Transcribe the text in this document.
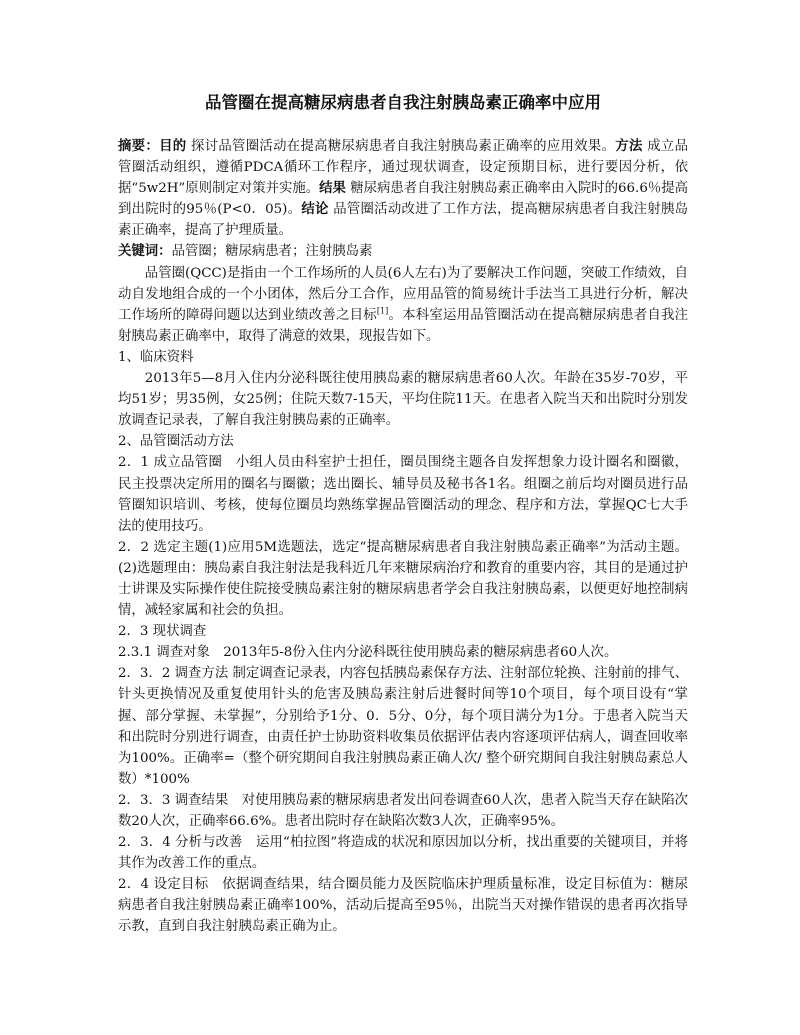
品管圈在提高糖尿病患者自我注射胰岛素正确率中应用

摘要：目的 探讨品管圈活动在提高糖尿病患者自我注射胰岛素正确率的应用效果。方法 成立品管圈活动组织，遵循PDCA循环工作程序，通过现状调查，设定预期目标，进行要因分析，依据“5w2H”原则制定对策并实施。结果 糖尿病患者自我注射胰岛素正确率由入院时的66.6％提高到出院时的95％(P<0．05)。结论 品管圈活动改进了工作方法，提高糖尿病患者自我注射胰岛素正确率，提高了护理质量。

关键词：品管圈；糖尿病患者；注射胰岛素

品管圈(QCC)是指由一个工作场所的人员(6人左右)为了要解决工作问题，突破工作绩效，自动自发地组合成的一个小团体，然后分工合作，应用品管的简易统计手法当工具进行分析，解决工作场所的障碍问题以达到业绩改善之目标[1]。本科室运用品管圈活动在提高糖尿病患者自我注射胰岛素正确率中，取得了满意的效果，现报告如下。

1、临床资料

2013年5—8月入住内分泌科既往使用胰岛素的糖尿病患者60人次。年龄在35岁-70岁，平均51岁；男35例，女25例；住院天数7-15天，平均住院11天。在患者入院当天和出院时分别发放调查记录表，了解自我注射胰岛素的正确率。

2、品管圈活动方法

2．1 成立品管圈　小组人员由科室护士担任，圈员围绕主题各自发挥想象力设计圈名和圈徽，民主投票决定所用的圈名与圈徽；选出圈长、辅导员及秘书各1名。组圈之前后均对圈员进行品管圈知识培训、考核，使每位圈员均熟练掌握品管圈活动的理念、程序和方法，掌握QC七大手法的使用技巧。

2．2 选定主题(1)应用5M选题法，选定“提高糖尿病患者自我注射胰岛素正确率”为活动主题。(2)选题理由：胰岛素自我注射法是我科近几年来糖尿病治疗和教育的重要内容，其目的是通过护士讲课及实际操作使住院接受胰岛素注射的糖尿病患者学会自我注射胰岛素，以便更好地控制病情，减轻家属和社会的负担。

2．3 现状调查

2.3.1 调查对象　2013年5-8份入住内分泌科既往使用胰岛素的糖尿病患者60人次。

2．3．2 调查方法 制定调查记录表，内容包括胰岛素保存方法、注射部位轮换、注射前的排气、针头更换情况及重复使用针头的危害及胰岛素注射后进餐时间等10个项目，每个项目设有“掌握、部分掌握、未掌握”，分别给予1分、0．5分、0分，每个项目满分为1分。于患者入院当天和出院时分别进行调查，由责任护士协助资料收集员依据评估表内容逐项评估病人，调查回收率为100%。正确率=（整个研究期间自我注射胰岛素正确人次/ 整个研究期间自我注射胰岛素总人数）*100%

2．3．3 调查结果　对使用胰岛素的糖尿病患者发出问卷调查60人次，患者入院当天存在缺陷次数20人次，正确率66.6%。患者出院时存在缺陷次数3人次，正确率95%。

2．3．4 分析与改善　运用“柏拉图”将造成的状况和原因加以分析，找出重要的关键项目，并将其作为改善工作的重点。

2．4 设定目标　依据调查结果，结合圈员能力及医院临床护理质量标准，设定目标值为：糖尿病患者自我注射胰岛素正确率100%，活动后提高至95％，出院当天对操作错误的患者再次指导示教，直到自我注射胰岛素正确为止。
